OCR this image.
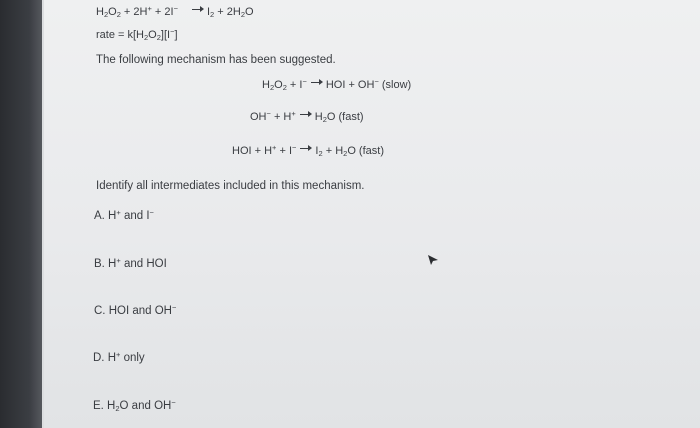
$H_2O_2 + 2H^+ + 2I^-$	$I_2 + 2H_2O$
rate = $k[H_2O_2][I^-]$
The following mechanism has been suggested.
$H_2O_2 + I^-$ HOI + OH− (slow)
OH− + H+ $H_2O$ (fast)
HOI + H+ + I− $I_2 + H_2O$ (fast)
Identify all intermediates included in this mechanism.
A. H+ and I−
B. H+ and HOI
C. HOI and OH−
D. H+ only
E. $H_2O$ and OH−
